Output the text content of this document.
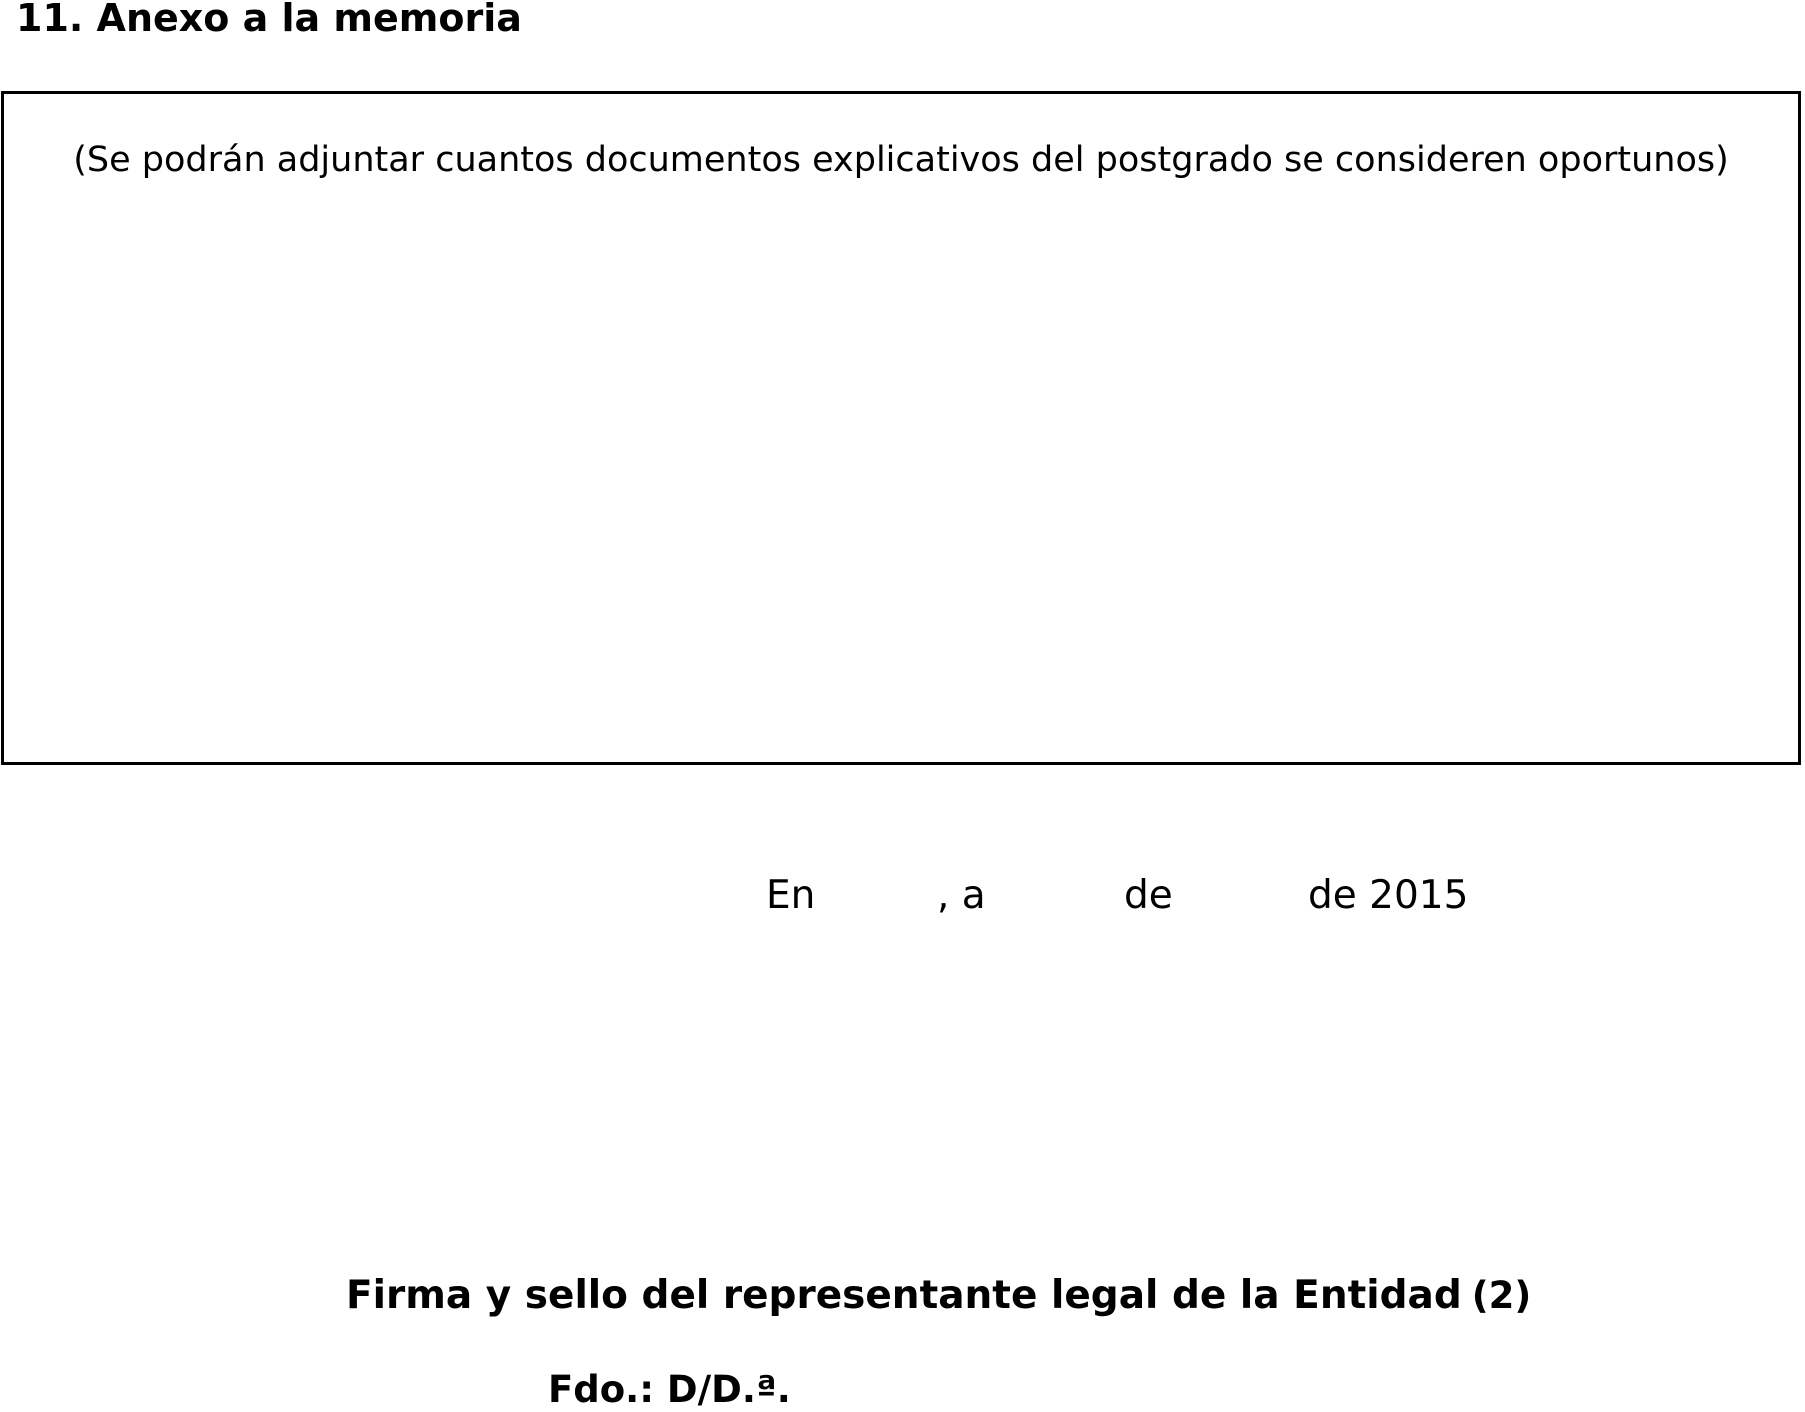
11. Anexo a la memoria
(Se podrán adjuntar cuantos documentos explicativos del postgrado se consideren oportunos)
En	, a	de	de 2015
Firma y sello del representante legal de la Entidad (2)
Fdo.: D/D.ª.
